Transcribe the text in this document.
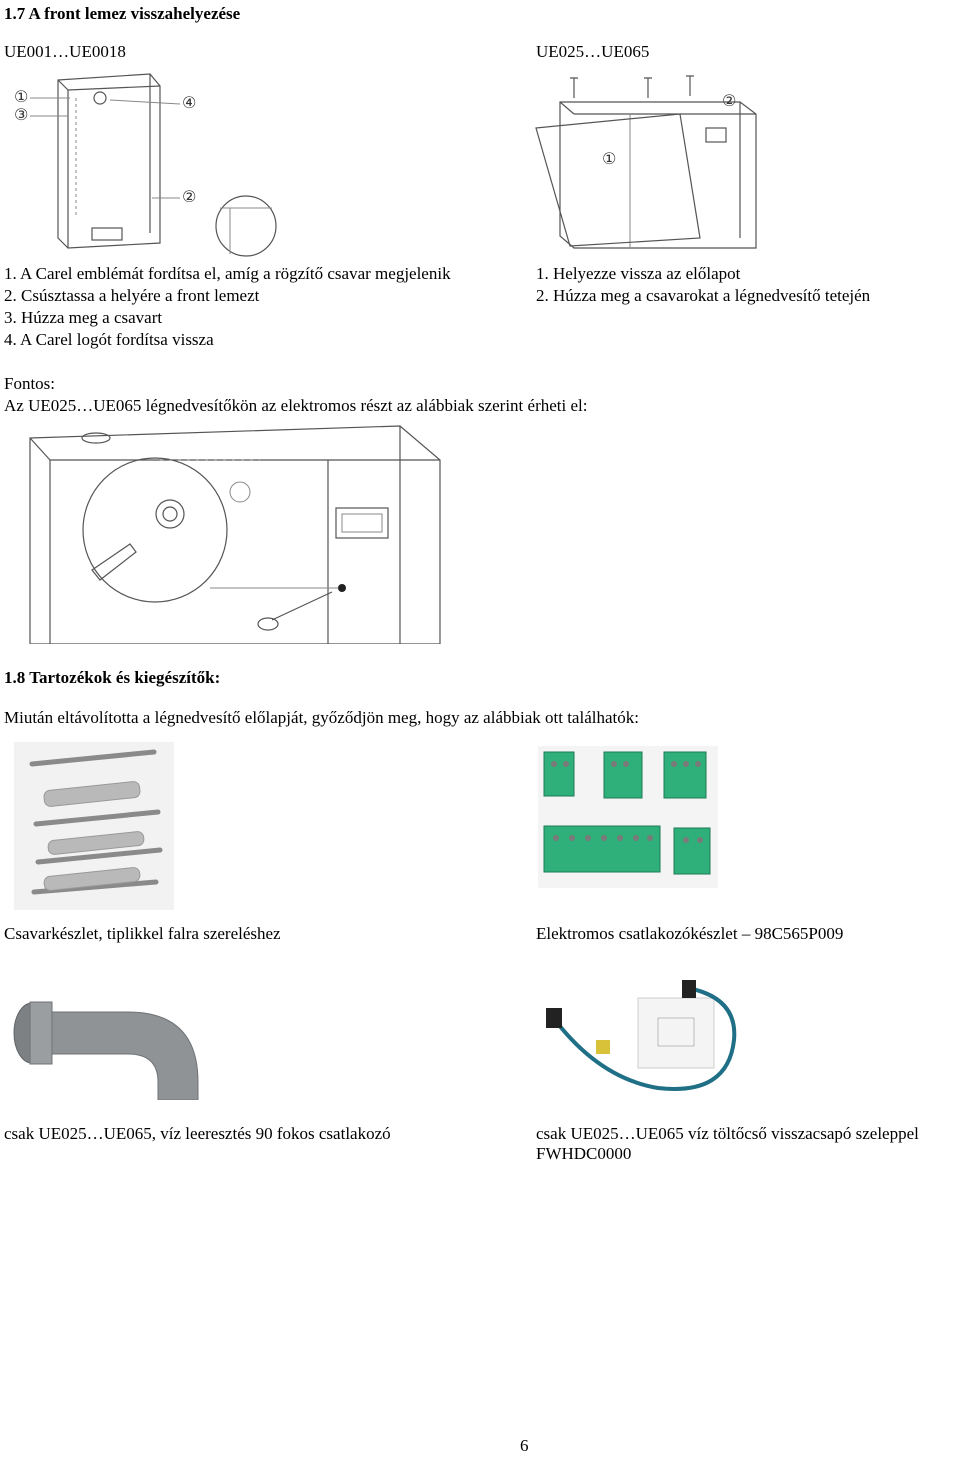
1.7 A front lemez visszahelyezése
UE001…UE0018	UE025…UE065
①
③
④
②
②
①
1. A Carel emblémát fordítsa el, amíg a rögzítő csavar megjelenik
2. Csúsztassa a helyére a front lemezt
3. Húzza meg a csavart
4. A Carel logót fordítsa vissza
1. Helyezze vissza az előlapot
2. Húzza meg a csavarokat a légnedvesítő tetején
Fontos:
Az UE025…UE065 légnedvesítőkön az elektromos részt az alábbiak szerint érheti el:
1.8 Tartozékok és kiegészítők:
Miután eltávolította a légnedvesítő előlapját, győződjön meg, hogy az alábbiak ott találhatók:
Csavarkészlet, tiplikkel falra szereléshez	Elektromos csatlakozókészlet – 98C565P009
csak UE025…UE065, víz leeresztés 90 fokos csatlakozó	csak UE025…UE065 víz töltőcső visszacsapó szeleppel
FWHDC0000
6
